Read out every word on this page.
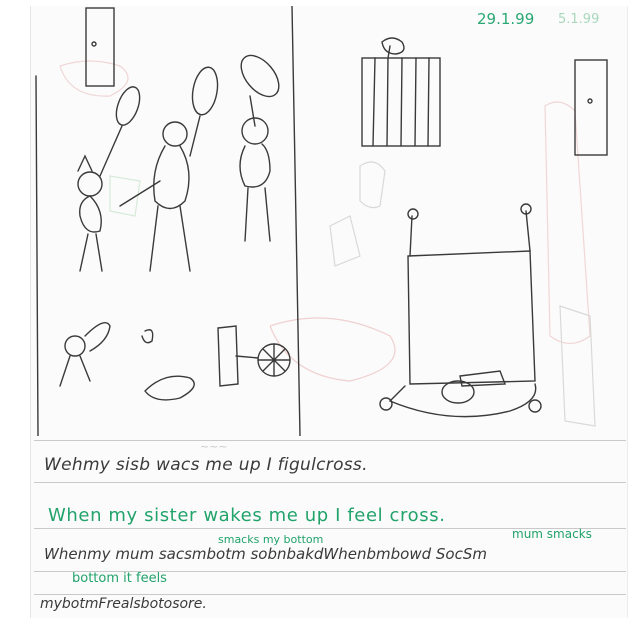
29.1.99 5.1.99
~~~
Wehmy sisb wacs me up I figulcross.
When my sister wakes me up I feel cross.
smacks my bottom	mum smacks
Whenmy mum sacsmbotm sobnbakdWhenbmbowd SocSm
bottom it feels
mybotmFrealsbotosore.
